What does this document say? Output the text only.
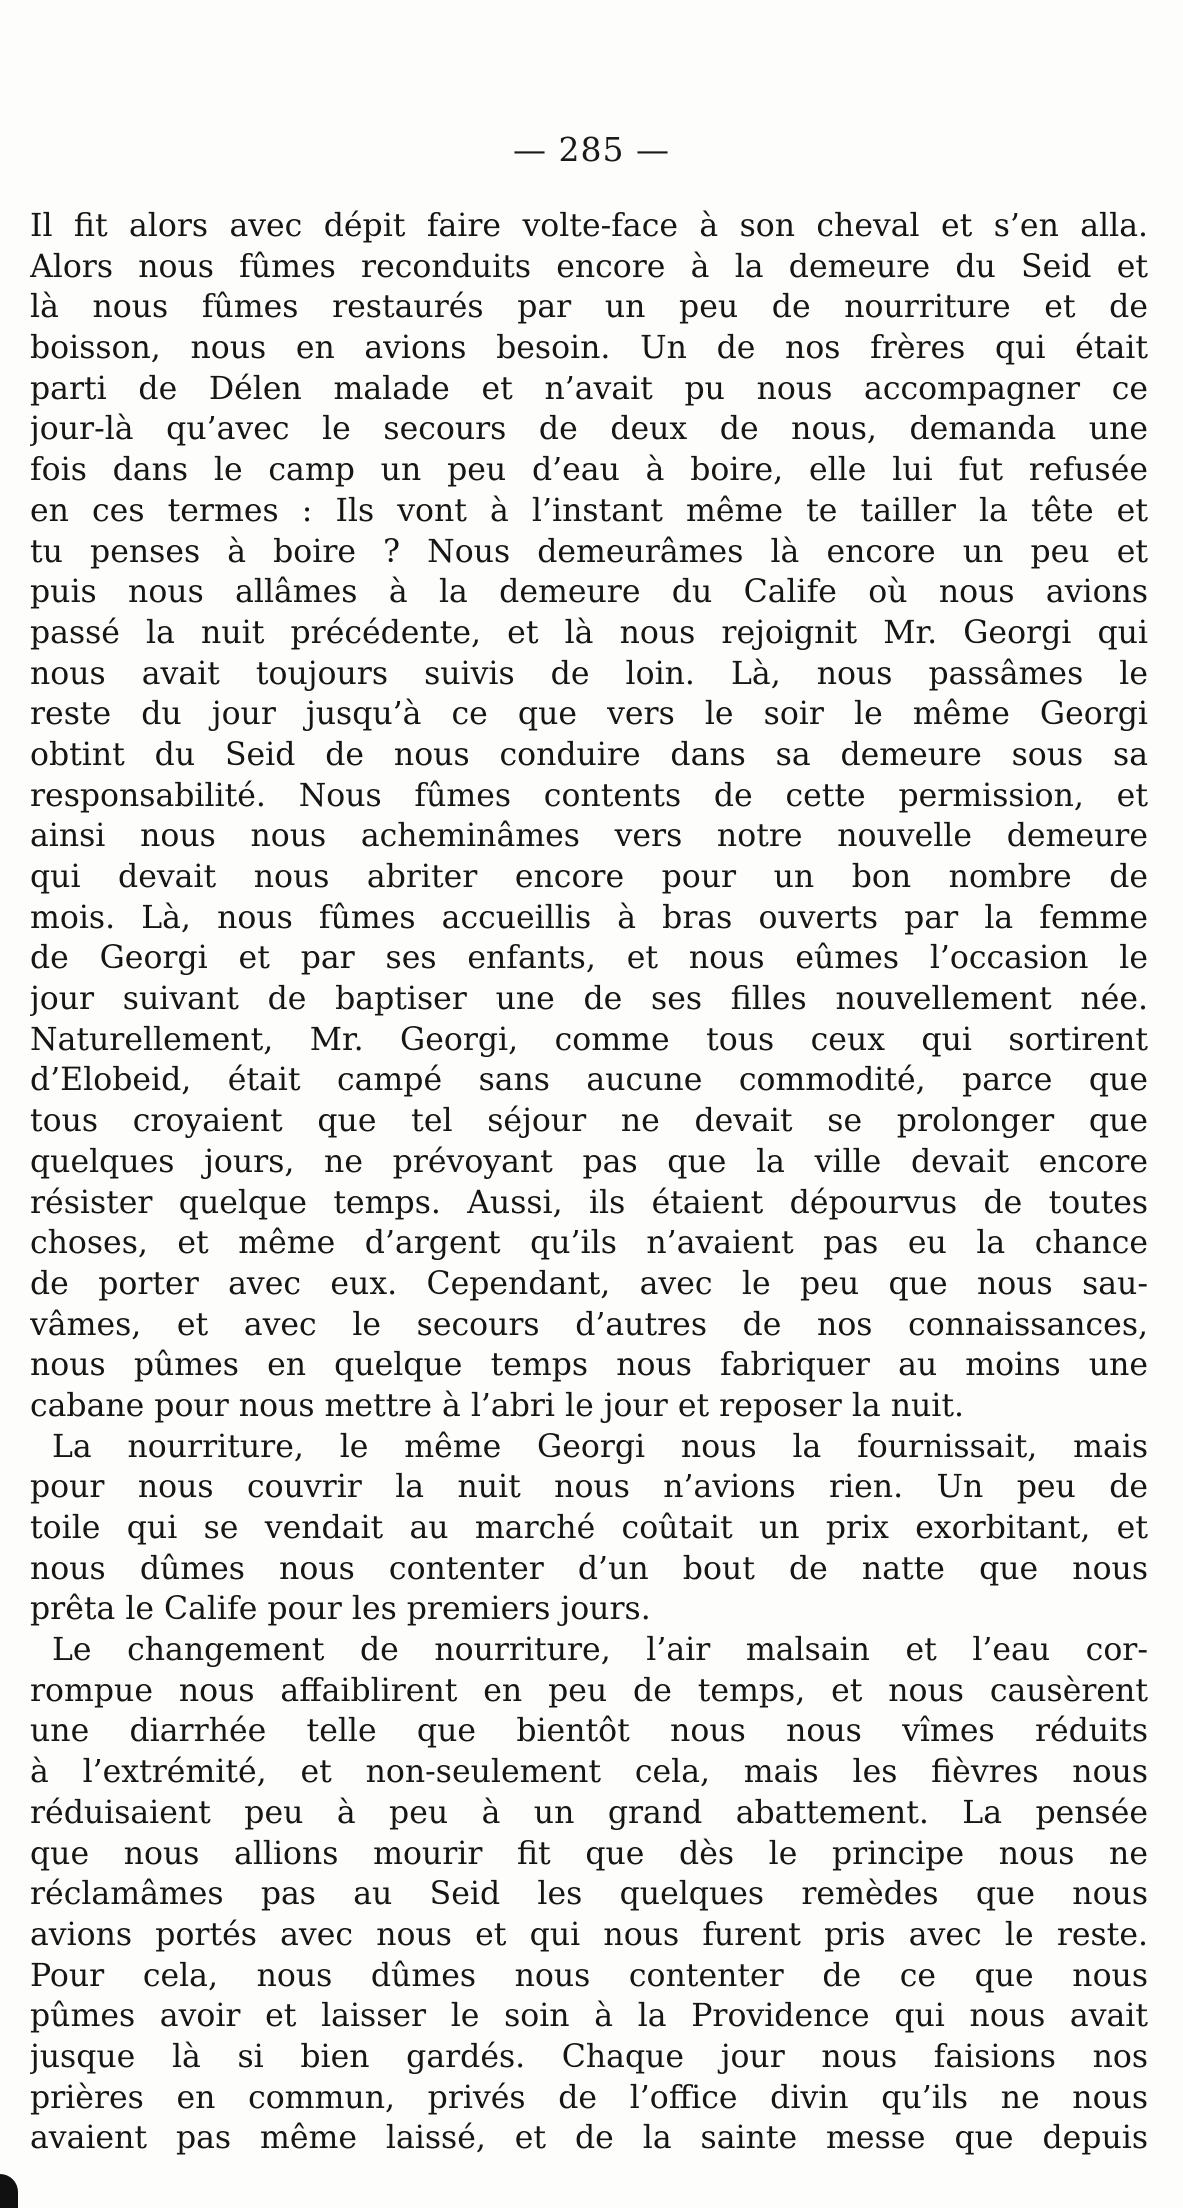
— 285 —
Il fit alors avec dépit faire volte-face à son cheval et s’en alla.
Alors nous fûmes reconduits encore à la demeure du Seid et
là nous fûmes restaurés par un peu de nourriture et de
boisson, nous en avions besoin. Un de nos frères qui était
parti de Délen malade et n’avait pu nous accompagner ce
jour-là qu’avec le secours de deux de nous, demanda une
fois dans le camp un peu d’eau à boire, elle lui fut refusée
en ces termes : Ils vont à l’instant même te tailler la tête et
tu penses à boire ? Nous demeurâmes là encore un peu et
puis nous allâmes à la demeure du Calife où nous avions
passé la nuit précédente, et là nous rejoignit Mr. Georgi qui
nous avait toujours suivis de loin. Là, nous passâmes le
reste du jour jusqu’à ce que vers le soir le même Georgi
obtint du Seid de nous conduire dans sa demeure sous sa
responsabilité. Nous fûmes contents de cette permission, et
ainsi nous nous acheminâmes vers notre nouvelle demeure
qui devait nous abriter encore pour un bon nombre de
mois. Là, nous fûmes accueillis à bras ouverts par la femme
de Georgi et par ses enfants, et nous eûmes l’occasion le
jour suivant de baptiser une de ses filles nouvellement née.
Naturellement, Mr. Georgi, comme tous ceux qui sortirent
d’Elobeid, était campé sans aucune commodité, parce que
tous croyaient que tel séjour ne devait se prolonger que
quelques jours, ne prévoyant pas que la ville devait encore
résister quelque temps. Aussi, ils étaient dépourvus de toutes
choses, et même d’argent qu’ils n’avaient pas eu la chance
de porter avec eux. Cependant, avec le peu que nous sau-
vâmes, et avec le secours d’autres de nos connaissances,
nous pûmes en quelque temps nous fabriquer au moins une
cabane pour nous mettre à l’abri le jour et reposer la nuit.
La nourriture, le même Georgi nous la fournissait, mais
pour nous couvrir la nuit nous n’avions rien. Un peu de
toile qui se vendait au marché coûtait un prix exorbitant, et
nous dûmes nous contenter d’un bout de natte que nous
prêta le Calife pour les premiers jours.
Le changement de nourriture, l’air malsain et l’eau cor-
rompue nous affaiblirent en peu de temps, et nous causèrent
une diarrhée telle que bientôt nous nous vîmes réduits
à l’extrémité, et non-seulement cela, mais les fièvres nous
réduisaient peu à peu à un grand abattement. La pensée
que nous allions mourir fit que dès le principe nous ne
réclamâmes pas au Seid les quelques remèdes que nous
avions portés avec nous et qui nous furent pris avec le reste.
Pour cela, nous dûmes nous contenter de ce que nous
pûmes avoir et laisser le soin à la Providence qui nous avait
jusque là si bien gardés. Chaque jour nous faisions nos
prières en commun, privés de l’office divin qu’ils ne nous
avaient pas même laissé, et de la sainte messe que depuis
